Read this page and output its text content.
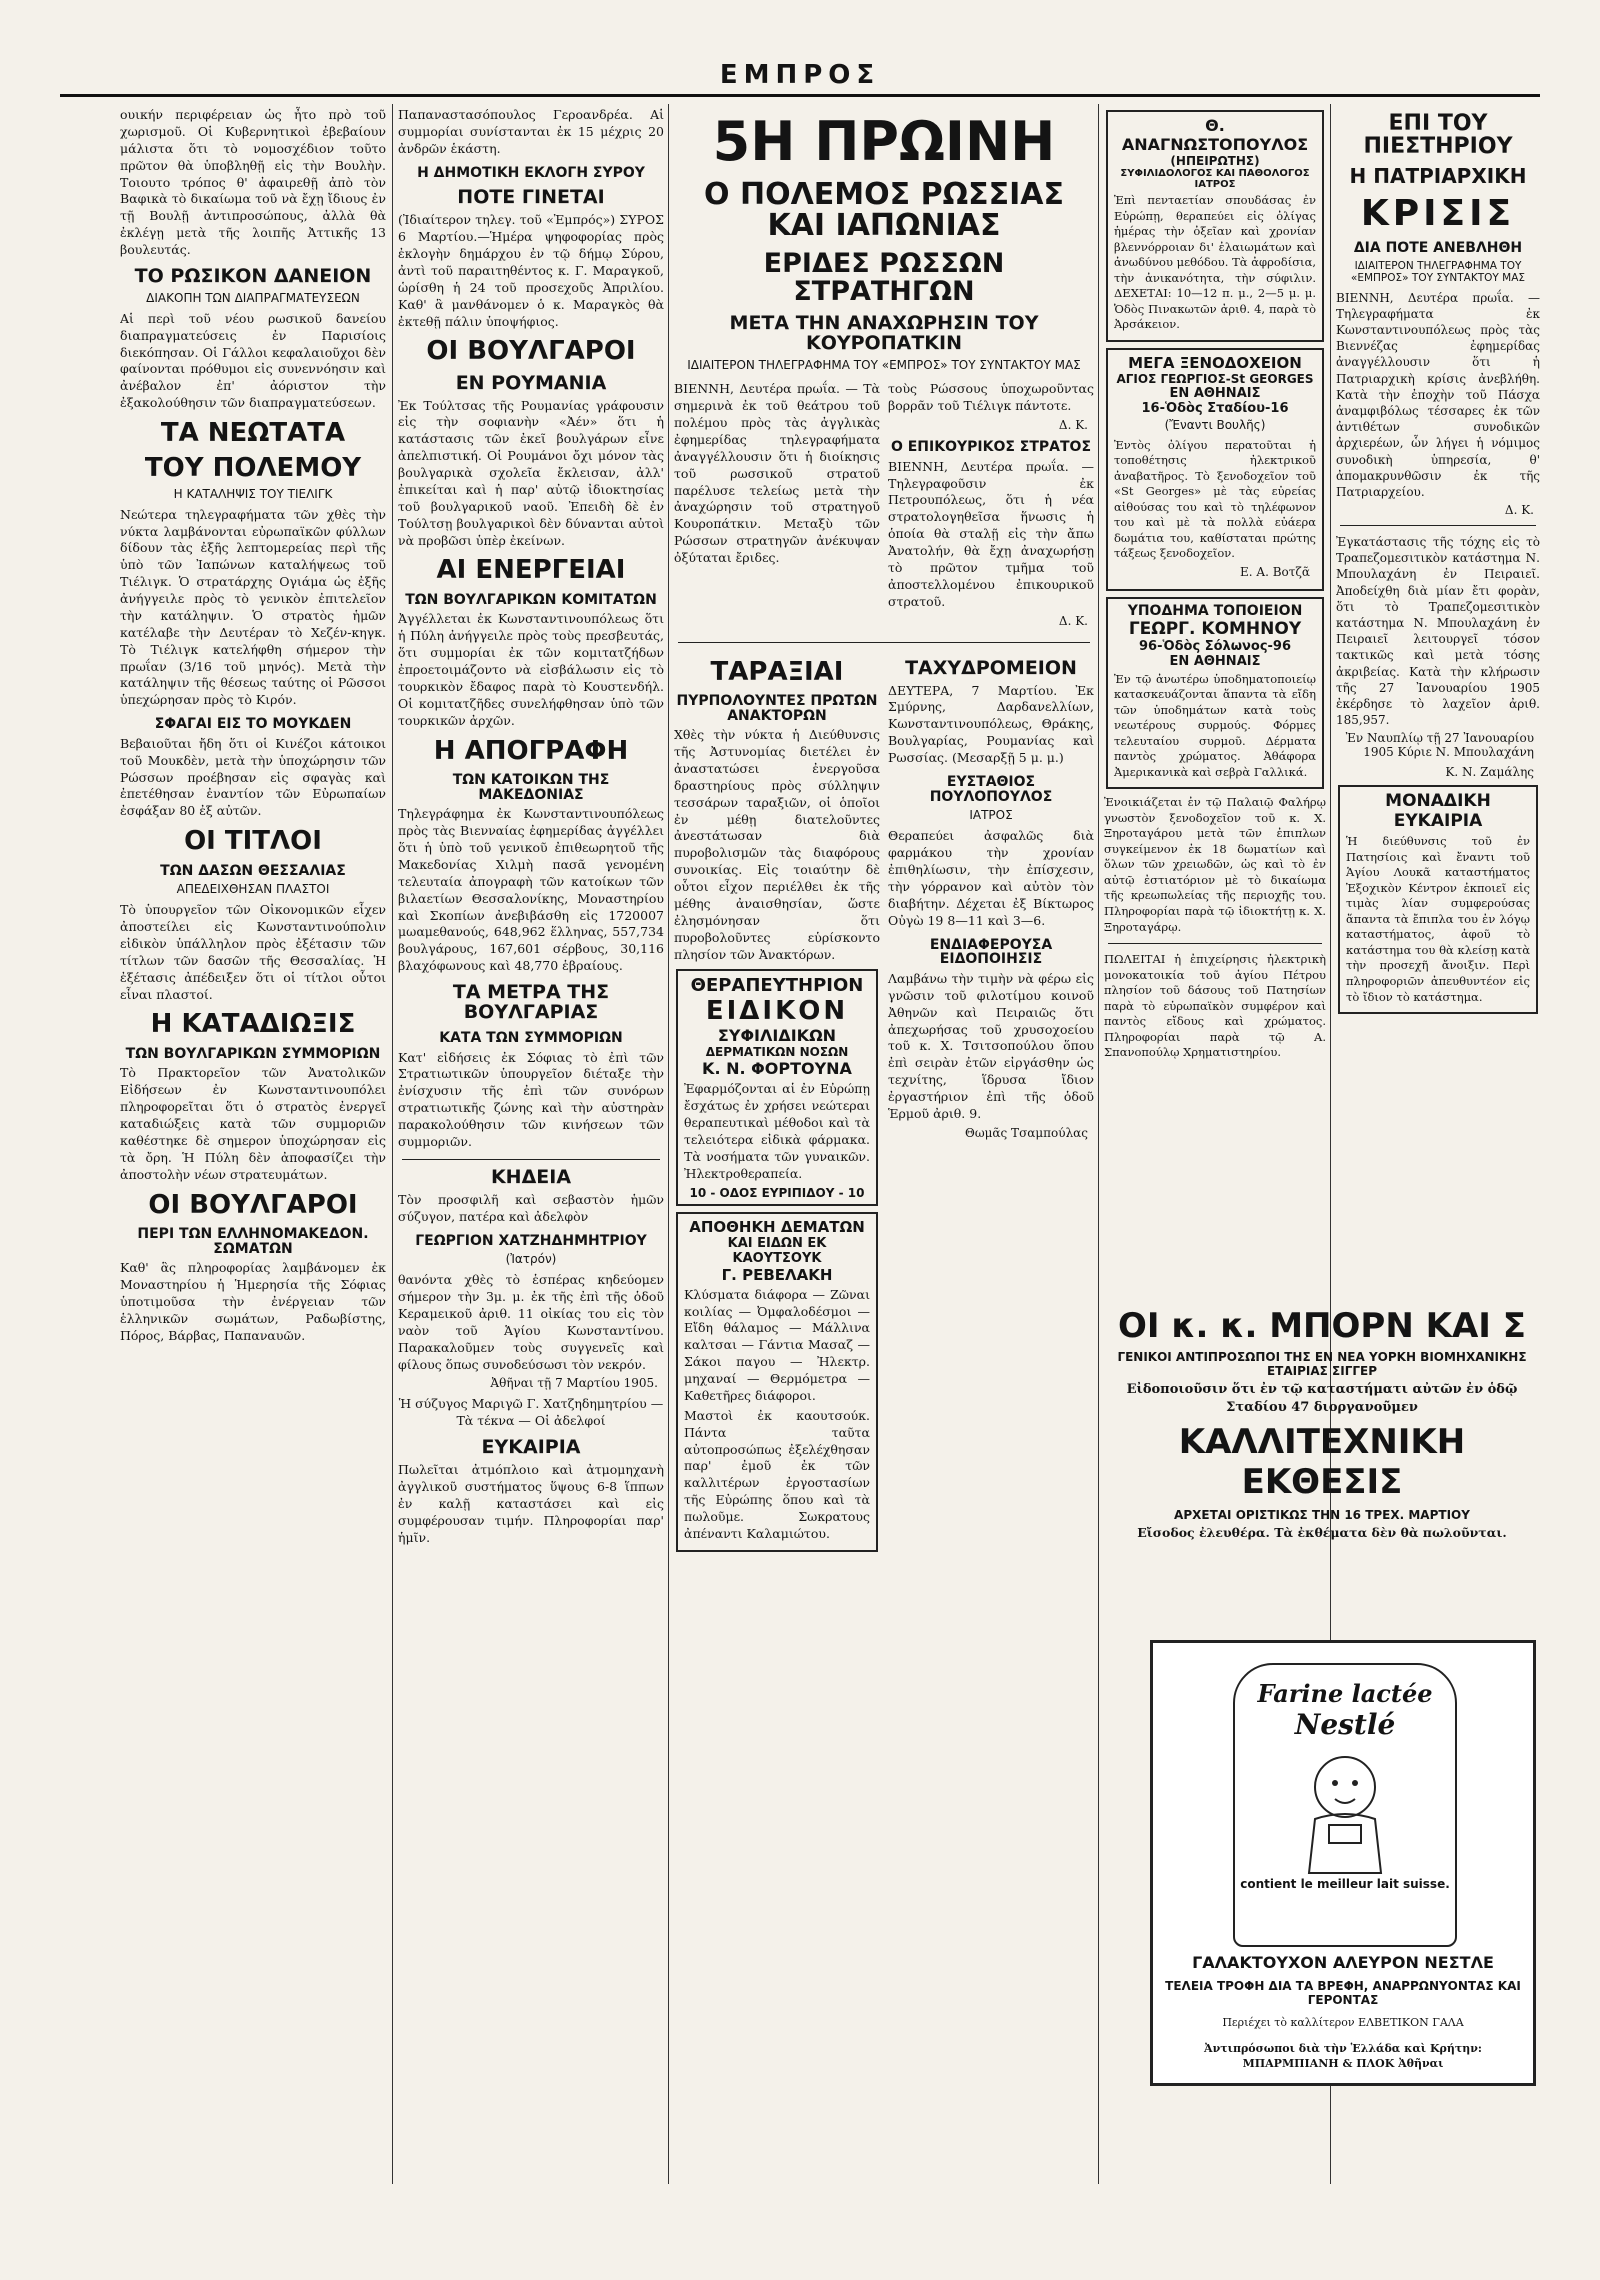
ΕΜΠΡΟΣ
ουικήν περιφέρειαν ὡς ἦτο πρὸ τοῦ χωρισμοῦ. Οἱ Κυβερνητικοὶ ἐβεβαίουν μάλιστα ὅτι τὸ νομοσχέδιον τοῦτο πρῶτον θὰ ὑποβληθῇ εἰς τὴν Βουλὴν. Τοιουτο τρόπος θ' ἀφαιρεθῇ ἀπὸ τὸν Βαφικὰ τὸ δικαίωμα τοῦ νὰ ἔχῃ ἴδιους ἐν τῇ Βουλῇ ἀντιπροσώπους, ἀλλὰ θὰ ἐκλέγῃ μετὰ τῆς λοιπῆς Ἀττικῆς 13 βουλευτάς.
ΤΟ ΡΩΣΙΚΟΝ ΔΑΝΕΙΟΝ
ΔΙΑΚΟΠΗ ΤΩΝ ΔΙΑΠΡΑΓΜΑΤΕΥΣΕΩΝ
Αἱ περὶ τοῦ νέου ρωσικοῦ δανείου διαπραγματεύσεις ἐν Παρισίοις διεκόπησαν. Οἱ Γάλλοι κεφαλαιοῦχοι δὲν φαίνονται πρόθυμοι εἰς συνεννόησιν καὶ ἀνέβαλον ἐπ' ἀόριστον τὴν ἐξακολούθησιν τῶν διαπραγματεύσεων.
ΤΑ ΝΕΩΤΑΤΑ
ΤΟΥ ΠΟΛΕΜΟΥ
Η ΚΑΤΑΛΗΨΙΣ ΤΟΥ ΤΙΕΛΙΓΚ
Νεώτερα τηλεγραφήματα τῶν χθὲς τὴν νύκτα λαμβάνονται εὐρωπαϊκῶν φύλλων δίδουν τὰς ἐξῆς λεπτομερείας περὶ τῆς ὑπὸ τῶν Ἰαπώνων καταλήψεως τοῦ Τιέλιγκ. Ὁ στρατάρχης Ογιάμα ὡς ἐξῆς ἀνήγγειλε πρὸς τὸ γενικὸν ἐπιτελεῖον τὴν κατάληψιν. Ὁ στρατὸς ἡμῶν κατέλαβε τὴν Δευτέραν τὸ Χεζέν-κηγκ. Τὸ Τιέλιγκ κατελήφθη σήμερον τὴν πρωΐαν (3/16 τοῦ μηνός). Μετὰ τὴν κατάληψιν τῆς θέσεως ταύτης οἱ Ρῶσσοι ὑπεχώρησαν πρὸς τὸ Κιρόν.
ΣΦΑΓΑΙ ΕΙΣ ΤΟ ΜΟΥΚΔΕΝ
Βεβαιοῦται ἤδη ὅτι οἱ Κινέζοι κάτοικοι τοῦ Μουκδὲν, μετὰ τὴν ὑποχώρησιν τῶν Ρώσσων προέβησαν εἰς σφαγὰς καὶ ἐπετέθησαν ἐναντίον τῶν Εὐρωπαίων ἐσφάξαν 80 ἐξ αὐτῶν.
ΟΙ ΤΙΤΛΟΙ
ΤΩΝ ΔΑΣΩΝ ΘΕΣΣΑΛΙΑΣ
ΑΠΕΔΕΙΧΘΗΣΑΝ ΠΛΑΣΤΟΙ
Τὸ ὑπουργεῖον τῶν Οἰκονομικῶν εἶχεν ἀποστείλει εἰς Κωνσταντινούπολιν εἰδικὸν ὑπάλληλον πρὸς ἐξέτασιν τῶν τίτλων τῶν δασῶν τῆς Θεσσαλίας. Ἡ ἐξέτασις ἀπέδειξεν ὅτι οἱ τίτλοι οὗτοι εἶναι πλαστοί.
Η ΚΑΤΑΔΙΩΞΙΣ
ΤΩΝ ΒΟΥΛΓΑΡΙΚΩΝ ΣΥΜΜΟΡΙΩΝ
Τὸ Πρακτορεῖον τῶν Ἀνατολικῶν Εἰδήσεων ἐν Κωνσταντινουπόλει πληροφορεῖται ὅτι ὁ στρατὸς ἐνεργεῖ καταδιώξεις κατὰ τῶν συμμοριῶν καθέστηκε δὲ σημερον ὑποχώρησαν εἰς τὰ ὄρη. Ἡ Πύλη δὲν ἀποφασίζει τὴν ἀποστολὴν νέων στρατευμάτων.
ΟΙ ΒΟΥΛΓΑΡΟΙ
ΠΕΡΙ ΤΩΝ ΕΛΛΗΝΟΜΑΚΕΔΟΝ. ΣΩΜΑΤΩΝ
Καθ' ἃς πληροφορίας λαμβάνομεν ἐκ Μοναστηρίου ἡ Ἡμερησία τῆς Σόφιας ὑποτιμοῦσα τὴν ἐνέργειαν τῶν ἑλληνικῶν σωμάτων, Ραδωβίστης, Πόρος, Βάρβας, Παπαναυῶν.
Παπαναστασόπουλος Γεροανδρέα. Αἱ συμμορίαι συνίστανται ἐκ 15 μέχρις 20 ἀνδρῶν ἑκάστη.
Η ΔΗΜΟΤΙΚΗ ΕΚΛΟΓΗ ΣΥΡΟΥ
ΠΟΤΕ ΓΙΝΕΤΑΙ
(Ἰδιαίτερον τηλεγ. τοῦ «Ἐμπρός») ΣΥΡΟΣ 6 Μαρτίου.—Ἡμέρα ψηφοφορίας πρὸς ἐκλογὴν δημάρχου ἐν τῷ δήμῳ Σύρου, ἀντὶ τοῦ παραιτηθέντος κ. Γ. Μαραγκοῦ, ὡρίσθη ἡ 24 τοῦ προσεχοῦς Ἀπριλίου. Καθ' ἃ μανθάνομεν ὁ κ. Μαραγκὸς θὰ ἐκτεθῇ πάλιν ὑποψήφιος.
ΟΙ ΒΟΥΛΓΑΡΟΙ
ΕΝ ΡΟΥΜΑΝΙΑ
Ἐκ Τούλτσας τῆς Ρουμανίας γράφουσιν εἰς τὴν σοφιανὴν «Ἀέν» ὅτι ἡ κατάστασις τῶν ἐκεῖ βουλγάρων εἶνε ἀπελπιστική. Οἱ Ρουμάνοι ὄχι μόνον τὰς βουλγαρικὰ σχολεῖα ἔκλεισαν, ἀλλ' ἐπικείται καὶ ἡ παρ' αὐτῷ ἰδιοκτησίας τοῦ βουλγαρικοῦ ναοῦ. Ἐπειδὴ δὲ ἐν Τούλτσῃ βουλγαρικοὶ δὲν δύνανται αὐτοὶ νὰ προβῶσι ὑπὲρ ἐκείνων.
ΑΙ ΕΝΕΡΓΕΙΑΙ
ΤΩΝ ΒΟΥΛΓΑΡΙΚΩΝ ΚΟΜΙΤΑΤΩΝ
Ἀγγέλλεται ἐκ Κωνσταντινουπόλεως ὅτι ἡ Πύλη ἀνήγγειλε πρὸς τοὺς πρεσβευτάς, ὅτι συμμορίαι ἐκ τῶν κομιτατζήδων ἐπροετοιμάζοντο νὰ εἰσβάλωσιν εἰς τὸ τουρκικὸν ἔδαφος παρὰ τὸ Κουστενδήλ. Οἱ κομιτατζῆδες συνελήφθησαν ὑπὸ τῶν τουρκικῶν ἀρχῶν.
Η ΑΠΟΓΡΑΦΗ
ΤΩΝ ΚΑΤΟΙΚΩΝ ΤΗΣ ΜΑΚΕΔΟΝΙΑΣ
Τηλεγράφημα ἐκ Κωνσταντινουπόλεως πρὸς τὰς Βιενναίας ἐφημερίδας ἀγγέλλει ὅτι ἡ ὑπὸ τοῦ γενικοῦ ἐπιθεωρητοῦ τῆς Μακεδονίας Χιλμὴ πασᾶ γενομένη τελευταία ἀπογραφὴ τῶν κατοίκων τῶν βιλαετίων Θεσσαλονίκης, Μοναστηρίου καὶ Σκοπίων ἀνεβιβάσθη εἰς 1720007 μωαμεθανούς, 648,962 ἕλληνας, 557,734 βουλγάρους, 167,601 σέρβους, 30,116 βλαχόφωνους καὶ 48,770 ἑβραίους.
ΤΑ ΜΕΤΡΑ ΤΗΣ ΒΟΥΛΓΑΡΙΑΣ
ΚΑΤΑ ΤΩΝ ΣΥΜΜΟΡΙΩΝ
Κατ' εἰδήσεις ἐκ Σόφιας τὸ ἐπὶ τῶν Στρατιωτικῶν ὑπουργεῖον διέταξε τὴν ἐνίσχυσιν τῆς ἐπὶ τῶν συνόρων στρατιωτικῆς ζώνης καὶ τὴν αὐστηρὰν παρακολούθησιν τῶν κινήσεων τῶν συμμοριῶν.
ΚΗΔΕΙΑ
Τὸν προσφιλῆ καὶ σεβαστὸν ἡμῶν σύζυγον, πατέρα καὶ ἀδελφὸν
ΓΕΩΡΓΙΟΝ ΧΑΤΖΗΔΗΜΗΤΡΙΟΥ
(Ἰατρόν)
θανόντα χθὲς τὸ ἑσπέρας κηδεύομεν σήμερον τὴν 3μ. μ. ἐκ τῆς ἐπὶ τῆς ὁδοῦ Κεραμεικοῦ ἀριθ. 11 οἰκίας του εἰς τὸν ναὸν τοῦ Ἁγίου Κωνσταντίνου. Παρακαλοῦμεν τοὺς συγγενεῖς καὶ φίλους ὅπως συνοδεύσωσι τὸν νεκρόν.
Ἀθῆναι τῇ 7 Μαρτίου 1905.
Ἡ σύζυγος Μαριγῶ Γ. Χατζηδημητρίου — Τὰ τέκνα — Οἱ ἀδελφοί
ΕΥΚΑΙΡΙΑ
Πωλεῖται ἀτμόπλοιο καὶ ἀτμομηχανὴ ἀγγλικοῦ συστήματος ὕψους 6-8 ἵππων ἐν καλῇ καταστάσει καὶ εἰς συμφέρουσαν τιμήν. Πληροφορίαι παρ' ἡμῖν.
5Η ΠΡΩΙΝΗ
Ο ΠΟΛΕΜΟΣ ΡΩΣΣΙΑΣ ΚΑΙ ΙΑΠΩΝΙΑΣ
ΕΡΙΔΕΣ ΡΩΣΣΩΝ ΣΤΡΑΤΗΓΩΝ
ΜΕΤΑ ΤΗΝ ΑΝΑΧΩΡΗΣΙΝ ΤΟΥ ΚΟΥΡΟΠΑΤΚΙΝ
ΙΔΙΑΙΤΕΡΟΝ ΤΗΛΕΓΡΑΦΗΜΑ ΤΟΥ «ΕΜΠΡΟΣ» ΤΟΥ ΣΥΝΤΑΚΤΟΥ ΜΑΣ
ΒΙΕΝΝΗ, Δευτέρα πρωΐα. — Τὰ σημερινὰ ἐκ τοῦ θεάτρου τοῦ πολέμου πρὸς τὰς ἀγγλικὰς ἐφημερίδας τηλεγραφήματα ἀναγγέλλουσιν ὅτι ἡ διοίκησις τοῦ ρωσσικοῦ στρατοῦ παρέλυσε τελείως μετὰ τὴν ἀναχώρησιν τοῦ στρατηγοῦ Κουροπάτκιν. Μεταξὺ τῶν Ρώσσων στρατηγῶν ἀνέκυψαν ὀξύταται ἔριδες.
τοὺς Ρώσσους ὑποχωροῦντας βορρᾶν τοῦ Τιέλιγκ πάντοτε.
Δ. Κ.
Ο ΕΠΙΚΟΥΡΙΚΟΣ ΣΤΡΑΤΟΣ
ΒΙΕΝΝΗ, Δευτέρα πρωΐα. — Τηλεγραφοῦσιν ἐκ Πετρουπόλεως, ὅτι ἡ νέα στρατολογηθεῖσα ἥνωσις ἡ ὁποία θὰ σταλῇ εἰς τὴν ἄπω Ἀνατολήν, θὰ ἔχῃ ἀναχωρήσῃ τὸ πρῶτον τμῆμα τοῦ ἀποστελλομένου ἐπικουρικοῦ στρατοῦ.
Δ. Κ.
ΤΑΡΑΞΙΑΙ
ΠΥΡΠΟΛΟΥΝΤΕΣ ΠΡΩΤΩΝ ΑΝΑΚΤΟΡΩΝ
Χθὲς τὴν νύκτα ἡ Διεύθυνσις τῆς Ἀστυνομίας διετέλει ἐν ἀναστατώσει ἐνεργοῦσα δραστηρίους πρὸς σύλληψιν τεσσάρων ταραξιῶν, οἱ ὁποῖοι ἐν μέθῃ διατελοῦντες ἀνεστάτωσαν διὰ πυροβολισμῶν τὰς διαφόρους συνοικίας. Εἰς τοιαύτην δὲ οὗτοι εἶχον περιέλθει ἐκ τῆς μέθης ἀναισθησίαν, ὥστε ἐλησμόνησαν ὅτι πυροβολοῦντες εὑρίσκοντο πλησίον τῶν Ἀνακτόρων.
ΘΕΡΑΠΕΥΤΗΡΙΟΝ
ΕΙΔΙΚΟΝ
ΣΥΦΙΛΙΔΙΚΩΝ
ΔΕΡΜΑΤΙΚΩΝ ΝΟΣΩΝ
Κ. Ν. ΦΟΡΤΟΥΝΑ
Ἐφαρμόζονται αἱ ἐν Εὐρώπῃ ἔσχάτως ἐν χρήσει νεώτεραι θεραπευτικαὶ μέθοδοι καὶ τὰ τελειότερα εἰδικὰ φάρμακα. Τὰ νοσήματα τῶν γυναικῶν. Ἠλεκτροθεραπεία.
10 - ΟΔΟΣ ΕΥΡΙΠΙΔΟΥ - 10
ΑΠΟΘΗΚΗ ΔΕΜΑΤΩΝ
ΚΑΙ ΕΙΔΩΝ ΕΚ ΚΑΟΥΤΣΟΥΚ
Γ. ΡΕΒΕΛΑΚΗ
Κλύσματα διάφορα — Ζῶναι κοιλίας — Ὀμφαλοδέσμοι — Εἴδη θάλαμος — Μάλλινα καλτσαι — Γάντια Μασαζ — Σάκοι παγου — Ἠλεκτρ. μηχαναί — Θερμόμετρα — Καθετῆρες διάφοροι.
Μαστοὶ ἐκ καουτσούκ. Πάντα ταῦτα αὐτοπροσώπως ἐξελέχθησαν παρ' ἐμοῦ ἐκ τῶν καλλιτέρων ἐργοστασίων τῆς Εὐρώπης ὅπου καὶ τὰ πωλοῦμε. Σωκρατους ἀπέναντι Καλαμιώτου.
ΤΑΧΥΔΡΟΜΕΙΟΝ
ΔΕΥΤΕΡΑ, 7 Μαρτίου. Ἐκ Σμύρνης, Δαρδανελλίων, Κωνσταντινουπόλεως, Θράκης, Βουλγαρίας, Ρουμανίας καὶ Ρωσσίας. (Μεσαρξῇ 5 μ. μ.)
ΕΥΣΤΑΘΙΟΣ ΠΟΥΛΟΠΟΥΛΟΣ
ΙΑΤΡΟΣ
Θεραπεύει ἀσφαλῶς διὰ φαρμάκου τὴν χρονίαν ἐπιθηλίωσιν, τὴν ἐπίσχεσιν, τὴν γόρρανον καὶ αὐτὸν τὸν διαβήτην. Δέχεται ἐξ Βίκτωρος Οὐγὼ 19 8—11 καὶ 3—6.
ΕΝΔΙΑΦΕΡΟΥΣΑ ΕΙΔΟΠΟΙΗΣΙΣ
Λαμβάνω τὴν τιμὴν νὰ φέρω εἰς γνῶσιν τοῦ φιλοτίμου κοινοῦ Ἀθηνῶν καὶ Πειραιῶς ὅτι ἀπεχωρήσας τοῦ χρυσοχοείου τοῦ κ. Χ. Τσιτσοπούλου ὅπου ἐπὶ σειρὰν ἐτῶν εἰργάσθην ὡς τεχνίτης, ἵδρυσα ἴδιον ἐργαστήριον ἐπὶ τῆς ὁδοῦ Ἑρμοῦ ἀριθ. 9.
Θωμᾶς Τσαμπούλας
Θ. ΑΝΑΓΝΩΣΤΟΠΟΥΛΟΣ
(ΗΠΕΙΡΩΤΗΣ)
ΣΥΦΙΛΙΔΟΛΟΓΟΣ ΚΑΙ ΠΑΘΟΛΟΓΟΣ ΙΑΤΡΟΣ
Ἐπὶ πενταετίαν σπουδάσας ἐν Εὐρώπῃ, θεραπεύει εἰς ὀλίγας ἡμέρας τὴν ὀξεῖαν καὶ χρονίαν βλεννόρροιαν δι' ἐλαιωμάτων καὶ ἀνωδύνου μεθόδου. Τὰ ἀφροδίσια, τὴν ἀνικανότητα, τὴν σύφιλιν. ΔΕΧΕΤΑΙ: 10—12 π. μ., 2—5 μ. μ. Ὁδὸς Πινακωτῶν ἀριθ. 4, παρὰ τὸ Ἀρσάκειον.
ΜΕΓΑ ΞΕΝΟΔΟΧΕΙΟΝ
ΑΓΙΟΣ ΓΕΩΡΓΙΟΣ-St GEORGES
ΕΝ ΑΘΗΝΑΙΣ
16-Ὁδὸς Σταδίου-16
(Ἔναντι Βουλῆς)
Ἐντὸς ὀλίγου περατοῦται ἡ τοποθέτησις ἠλεκτρικοῦ ἀναβατῆρος. Τὸ ξενοδοχεῖον τοῦ «St Georges» μὲ τὰς εὐρείας αἰθούσας του καὶ τὸ τηλέφωνον του καὶ μὲ τὰ πολλὰ εὐάερα δωμάτια του, καθίσταται πρώτης τάξεως ξενοδοχεῖον.
Ε. Α. Βοτζᾶ
ΥΠΟΔΗΜΑ ΤΟΠΟΙΕΙΟΝ
ΓΕΩΡΓ. ΚΟΜΗΝΟΥ
96-Ὁδὸς Σόλωνος-96
ΕΝ ΑΘΗΝΑΙΣ
Ἐν τῷ ἀνωτέρω ὑποδηματοποιείῳ κατασκευάζονται ἅπαντα τὰ εἴδη τῶν ὑποδημάτων κατὰ τοὺς νεωτέρους συρμούς. Φόρμες τελευταίου συρμοῦ. Δέρματα παντὸς χρώματος. Ἀθάφορα Ἀμερικανικὰ καὶ σεβρὰ Γαλλικά.
Ἐνοικιάζεται ἐν τῷ Παλαιῷ Φαλήρῳ γνωστὸν ξενοδοχεῖον τοῦ κ. Χ. Ξηροταγάρου μετὰ τῶν ἐπιπλων συγκείμενον ἐκ 18 δωματίων καὶ ὅλων τῶν χρειωδῶν, ὡς καὶ τὸ ἐν αὐτῷ ἐστιατόριον μὲ τὸ δικαίωμα τῆς κρεωπωλείας τῆς περιοχῆς του. Πληροφορίαι παρὰ τῷ ἰδιοκτήτῃ κ. Χ. Ξηροταγάρῳ.
ΠΩΛΕΙΤΑΙ ἡ ἐπιχείρησις ἠλεκτρικὴ μονοκατοικία τοῦ ἁγίου Πέτρου πλησίον τοῦ δάσους τοῦ Πατησίων παρὰ τὸ εὐρωπαϊκὸν συμφέρον καὶ παντὸς εἴδους καὶ χρώματος. Πληροφορίαι παρὰ τῷ Α. Σπανοπούλῳ Χρηματιστηρίου.
ΕΠΙ ΤΟΥ ΠΙΕΣΤΗΡΙΟΥ
Η ΠΑΤΡΙΑΡΧΙΚΗ
ΚΡΙΣΙΣ
ΔΙΑ ΠΟΤΕ ΑΝΕΒΛΗΘΗ
ΙΔΙΑΙΤΕΡΟΝ ΤΗΛΕΓΡΑΦΗΜΑ ΤΟΥ «ΕΜΠΡΟΣ» ΤΟΥ ΣΥΝΤΑΚΤΟΥ ΜΑΣ
ΒΙΕΝΝΗ, Δευτέρα πρωΐα. — Τηλεγραφήματα ἐκ Κωνσταντινουπόλεως πρὸς τὰς Βιεννέζας ἐφημερίδας ἀναγγέλλουσιν ὅτι ἡ Πατριαρχικὴ κρίσις ἀνεβλήθη. Κατὰ τὴν ἐποχὴν τοῦ Πάσχα ἀναμφιβόλως τέσσαρες ἐκ τῶν ἀντιθέτων συνοδικῶν ἀρχιερέων, ὧν λήγει ἡ νόμιμος συνοδικὴ ὑπηρεσία, θ' ἀπομακρυνθῶσιν ἐκ τῆς Πατριαρχείου.
Δ. Κ.
Ἐγκατάστασις τῆς τόχης εἰς τὸ Τραπεζομεσιτικὸν κατάστημα Ν. Μπουλαχάνη ἐν Πειραιεῖ. Ἀποδείχθη διὰ μίαν ἔτι φορὰν, ὅτι τὸ Τραπεζομεσιτικὸν κατάστημα Ν. Μπουλαχάνη ἐν Πειραιεῖ λειτουργεῖ τόσον τακτικῶς καὶ μετὰ τόσης ἀκριβείας. Κατὰ τὴν κλήρωσιν τῆς 27 Ἰανουαρίου 1905 ἐκέρδησε τὸ λαχεῖον ἀριθ. 185,957.
Ἐν Ναυπλίῳ τῇ 27 Ἰανουαρίου 1905 Κύριε Ν. Μπουλαχάνη
Κ. Ν. Ζαμάλης
ΜΟΝΑΔΙΚΗ ΕΥΚΑΙΡΙΑ
Ἡ διεύθυνσις τοῦ ἐν Πατησίοις καὶ ἔναντι τοῦ Ἁγίου Λουκᾶ καταστήματος Ἐξοχικὸν Κέντρον ἐκποιεῖ εἰς τιμὰς λίαν συμφερούσας ἅπαντα τὰ ἔπιπλα του ἐν λόγῳ καταστήματος, ἀφοῦ τὸ κατάστημα του θὰ κλείσῃ κατὰ τὴν προσεχῆ ἄνοιξιν. Περὶ πληροφοριῶν ἀπευθυντέον εἰς τὸ ἴδιον τὸ κατάστημα.
ΟΙ κ. κ. ΜΠΟΡΝ ΚΑΙ Σ
ΓΕΝΙΚΟΙ ΑΝΤΙΠΡΟΣΩΠΟΙ ΤΗΣ ΕΝ ΝΕΑ ΥΟΡΚΗ ΒΙΟΜΗΧΑΝΙΚΗΣ ΕΤΑΙΡΙΑΣ ΣΙΓΓΕΡ
Εἰδοποιοῦσιν ὅτι ἐν τῷ καταστήματι αὐτῶν ἐν ὁδῷ Σταδίου 47 διοργανοῦμεν
ΚΑΛΛΙΤΕΧΝΙΚΗ ΕΚΘΕΣΙΣ
ΑΡΧΕΤΑΙ ΟΡΙΣΤΙΚΩΣ ΤΗΝ 16 ΤΡΕΧ. ΜΑΡΤΙΟΥ
Εἴσοδος ἐλευθέρα. Τὰ ἐκθέματα δὲν θὰ πωλοῦνται.
Farine lactée
Nestlé
contient le meilleur lait suisse.
ΓΑΛΑΚΤΟΥΧΟΝ ΑΛΕΥΡΟΝ ΝΕΣΤΛΕ
ΤΕΛΕΙΑ ΤΡΟΦΗ ΔΙΑ ΤΑ ΒΡΕΦΗ, ΑΝΑΡΡΩΝΥΟΝΤΑΣ ΚΑΙ ΓΕΡΟΝΤΑΣ
Περιέχει τὸ καλλίτερον ΕΛΒΕΤΙΚΟΝ ΓΑΛΑ
Ἀντιπρόσωποι διὰ τὴν Ἑλλάδα καὶ Κρήτην: ΜΠΑΡΜΠΙΑΝΗ & ΠΛΟΚ Ἀθῆναι
